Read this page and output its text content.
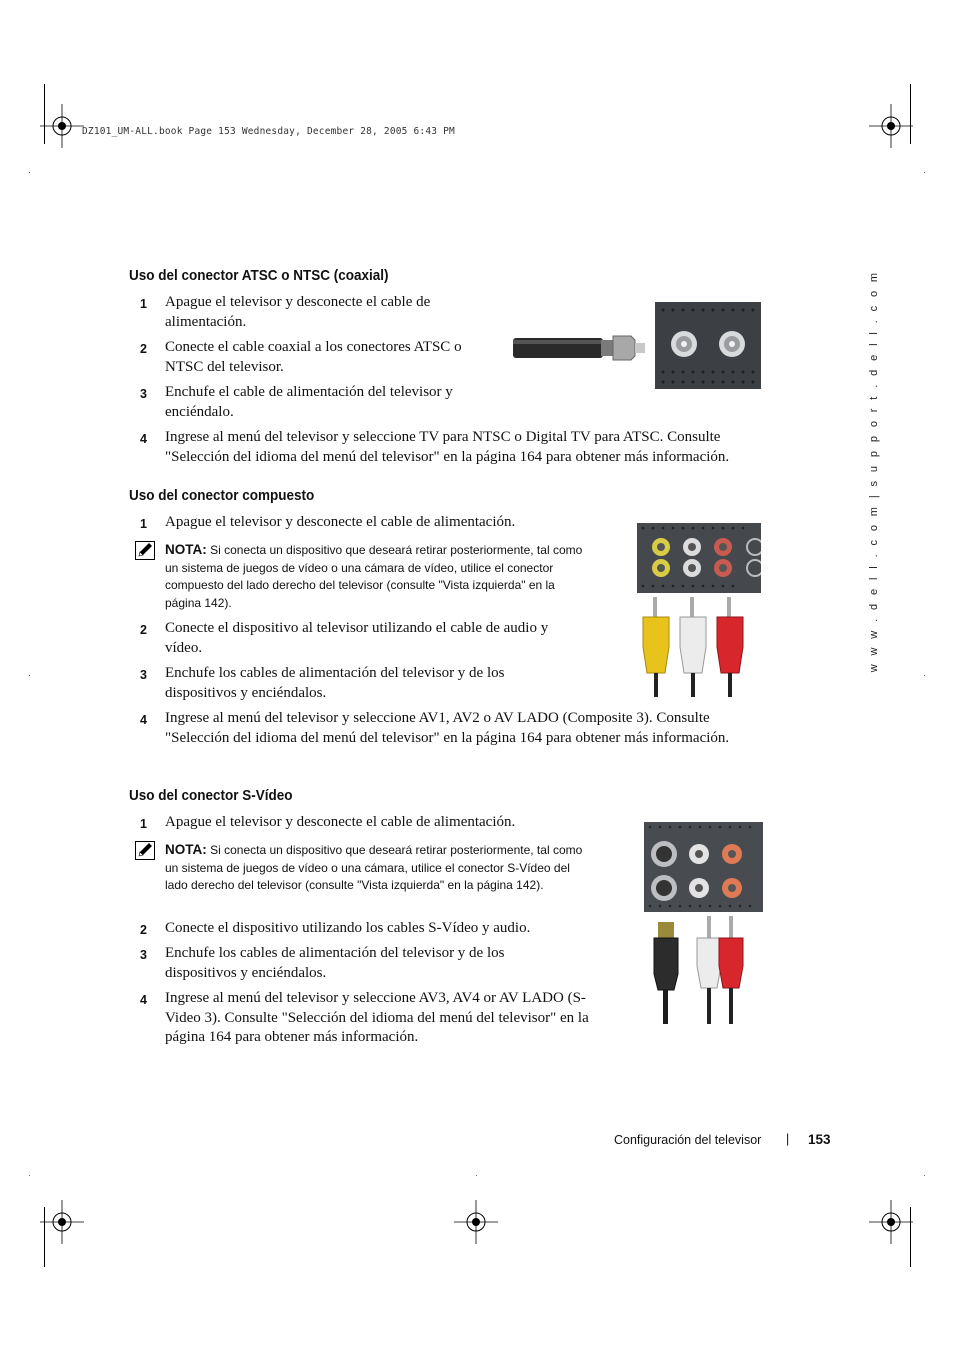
DZ101_UM-ALL.book Page 153 Wednesday, December 28, 2005 6:43 PM
w w w . d e l l . c o m | s u p p o r t . d e l l . c o m
Uso del conector ATSC o NTSC (coaxial)
1 Apague el televisor y desconecte el cable de alimentación.
2 Conecte el cable coaxial a los conectores ATSC o NTSC del televisor.
3 Enchufe el cable de alimentación del televisor y enciéndalo.
4 Ingrese al menú del televisor y seleccione TV para NTSC o Digital TV para ATSC. Consulte "Selección del idioma del menú del televisor" en la página 164 para obtener más información.
Uso del conector compuesto
1 Apague el televisor y desconecte el cable de alimentación.
NOTA: Si conecta un dispositivo que deseará retirar posteriormente, tal como un sistema de juegos de vídeo o una cámara de vídeo, utilice el conector compuesto del lado derecho del televisor (consulte "Vista izquierda" en la página 142).
2 Conecte el dispositivo al televisor utilizando el cable de audio y vídeo.
3 Enchufe los cables de alimentación del televisor y de los dispositivos y enciéndalos.
4 Ingrese al menú del televisor y seleccione AV1, AV2 o AV LADO (Composite 3). Consulte "Selección del idioma del menú del televisor" en la página 164 para obtener más información.
Uso del conector S-Vídeo
1 Apague el televisor y desconecte el cable de alimentación.
NOTA: Si conecta un dispositivo que deseará retirar posteriormente, tal como un sistema de juegos de vídeo o una cámara, utilice el conector S-Vídeo del lado derecho del televisor (consulte "Vista izquierda" en la página 142).
2 Conecte el dispositivo utilizando los cables S-Vídeo y audio.
3 Enchufe los cables de alimentación del televisor y de los dispositivos y enciéndalos.
4 Ingrese al menú del televisor y seleccione AV3, AV4 or AV LADO (S-Video 3). Consulte "Selección del idioma del menú del televisor" en la página 164 para obtener más información.
Configuración del televisor | 153
